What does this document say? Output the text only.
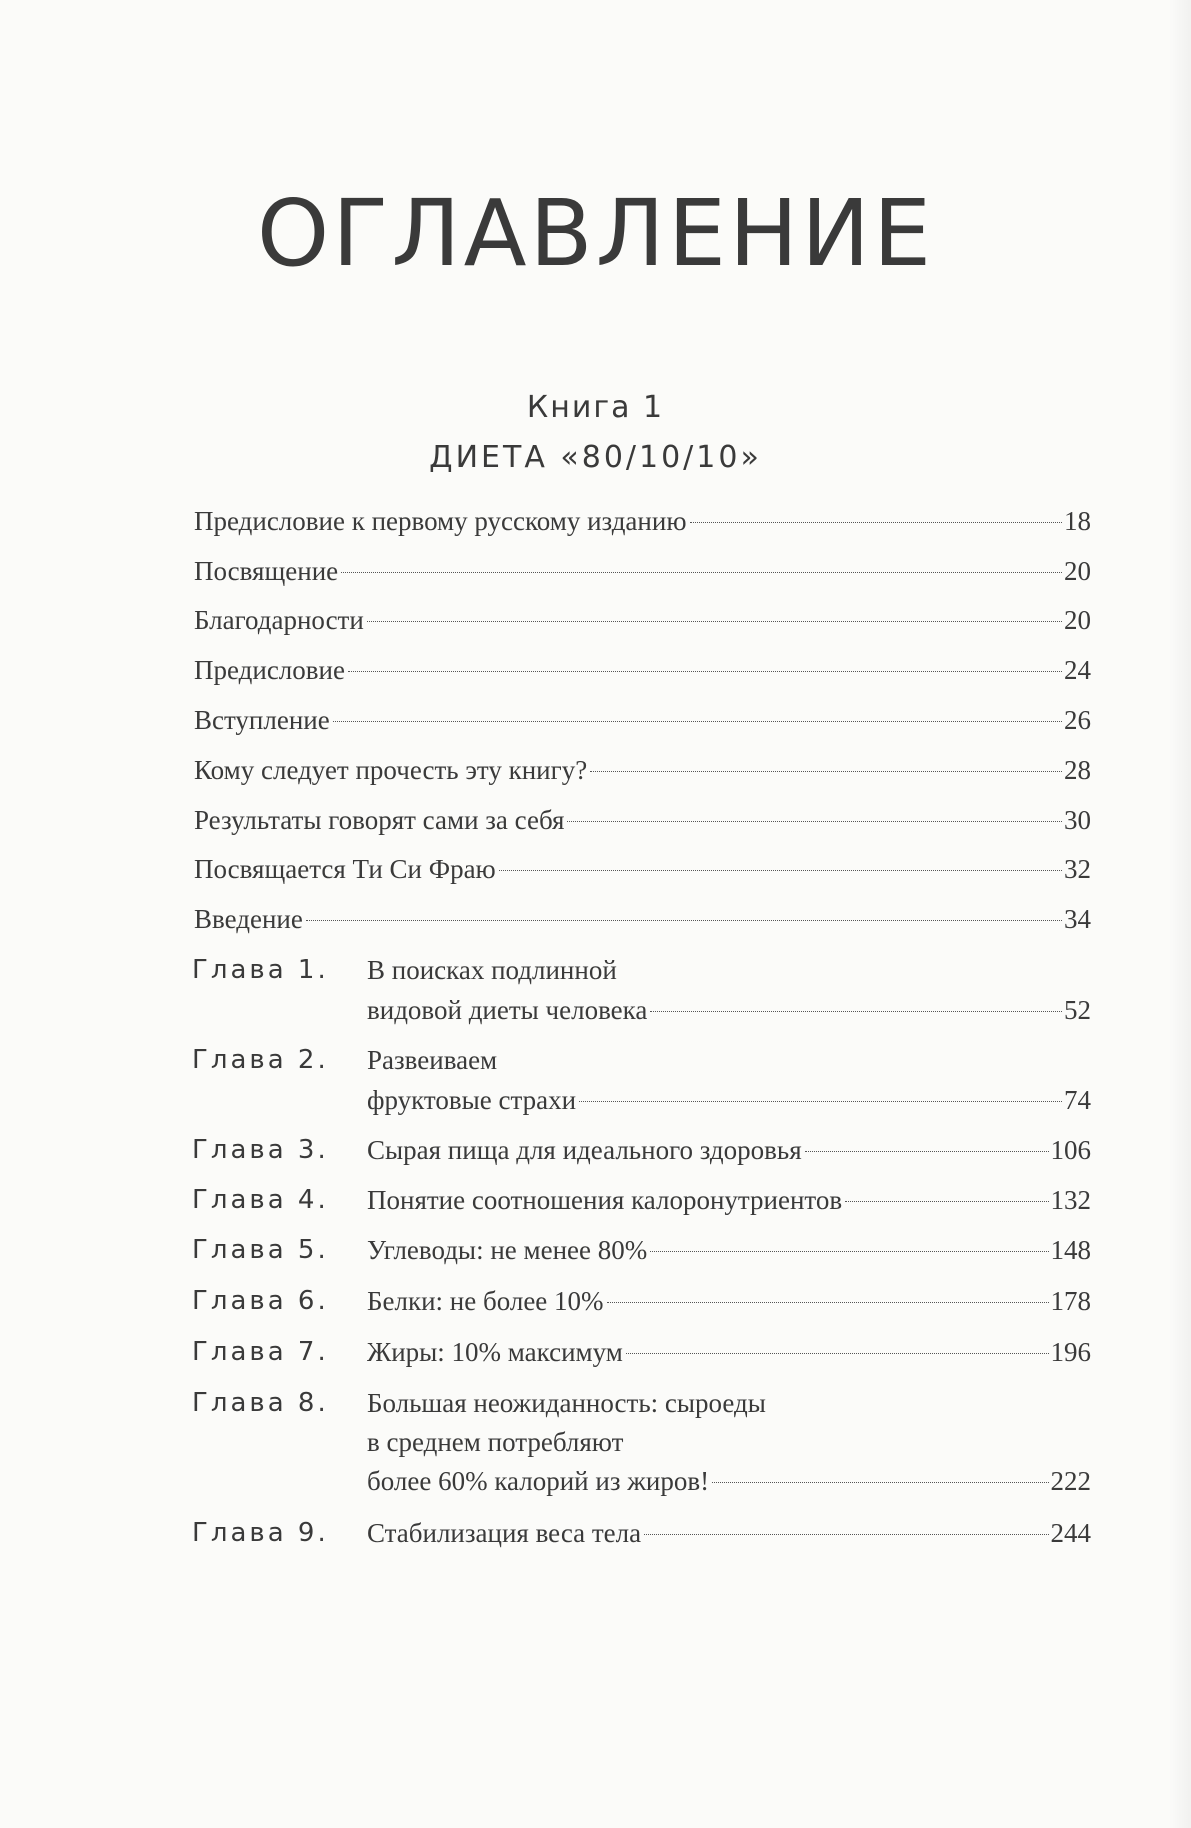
ОГЛАВЛЕНИЕ
Книга 1
ДИЕТА «80/10/10»
Предисловие к первому русскому изданию	18
Посвящение	20
Благодарности	20
Предисловие	24
Вступление	26
Кому следует прочесть эту книгу?	28
Результаты говорят сами за себя	30
Посвящается Ти Си Фраю	32
Введение	34
Глава 1. В поисках подлинной
видовой диеты человека	52
Глава 2. Развеиваем
фруктовые страхи	74
Глава 3. Сырая пища для идеального здоровья	106
Глава 4. Понятие соотношения калоронутриентов	132
Глава 5. Углеводы: не менее 80%	148
Глава 6. Белки: не более 10%	178
Глава 7. Жиры: 10% максимум	196
Глава 8. Большая неожиданность: сыроеды
в среднем потребляют
более 60% калорий из жиров!	222
Глава 9. Стабилизация веса тела	244
